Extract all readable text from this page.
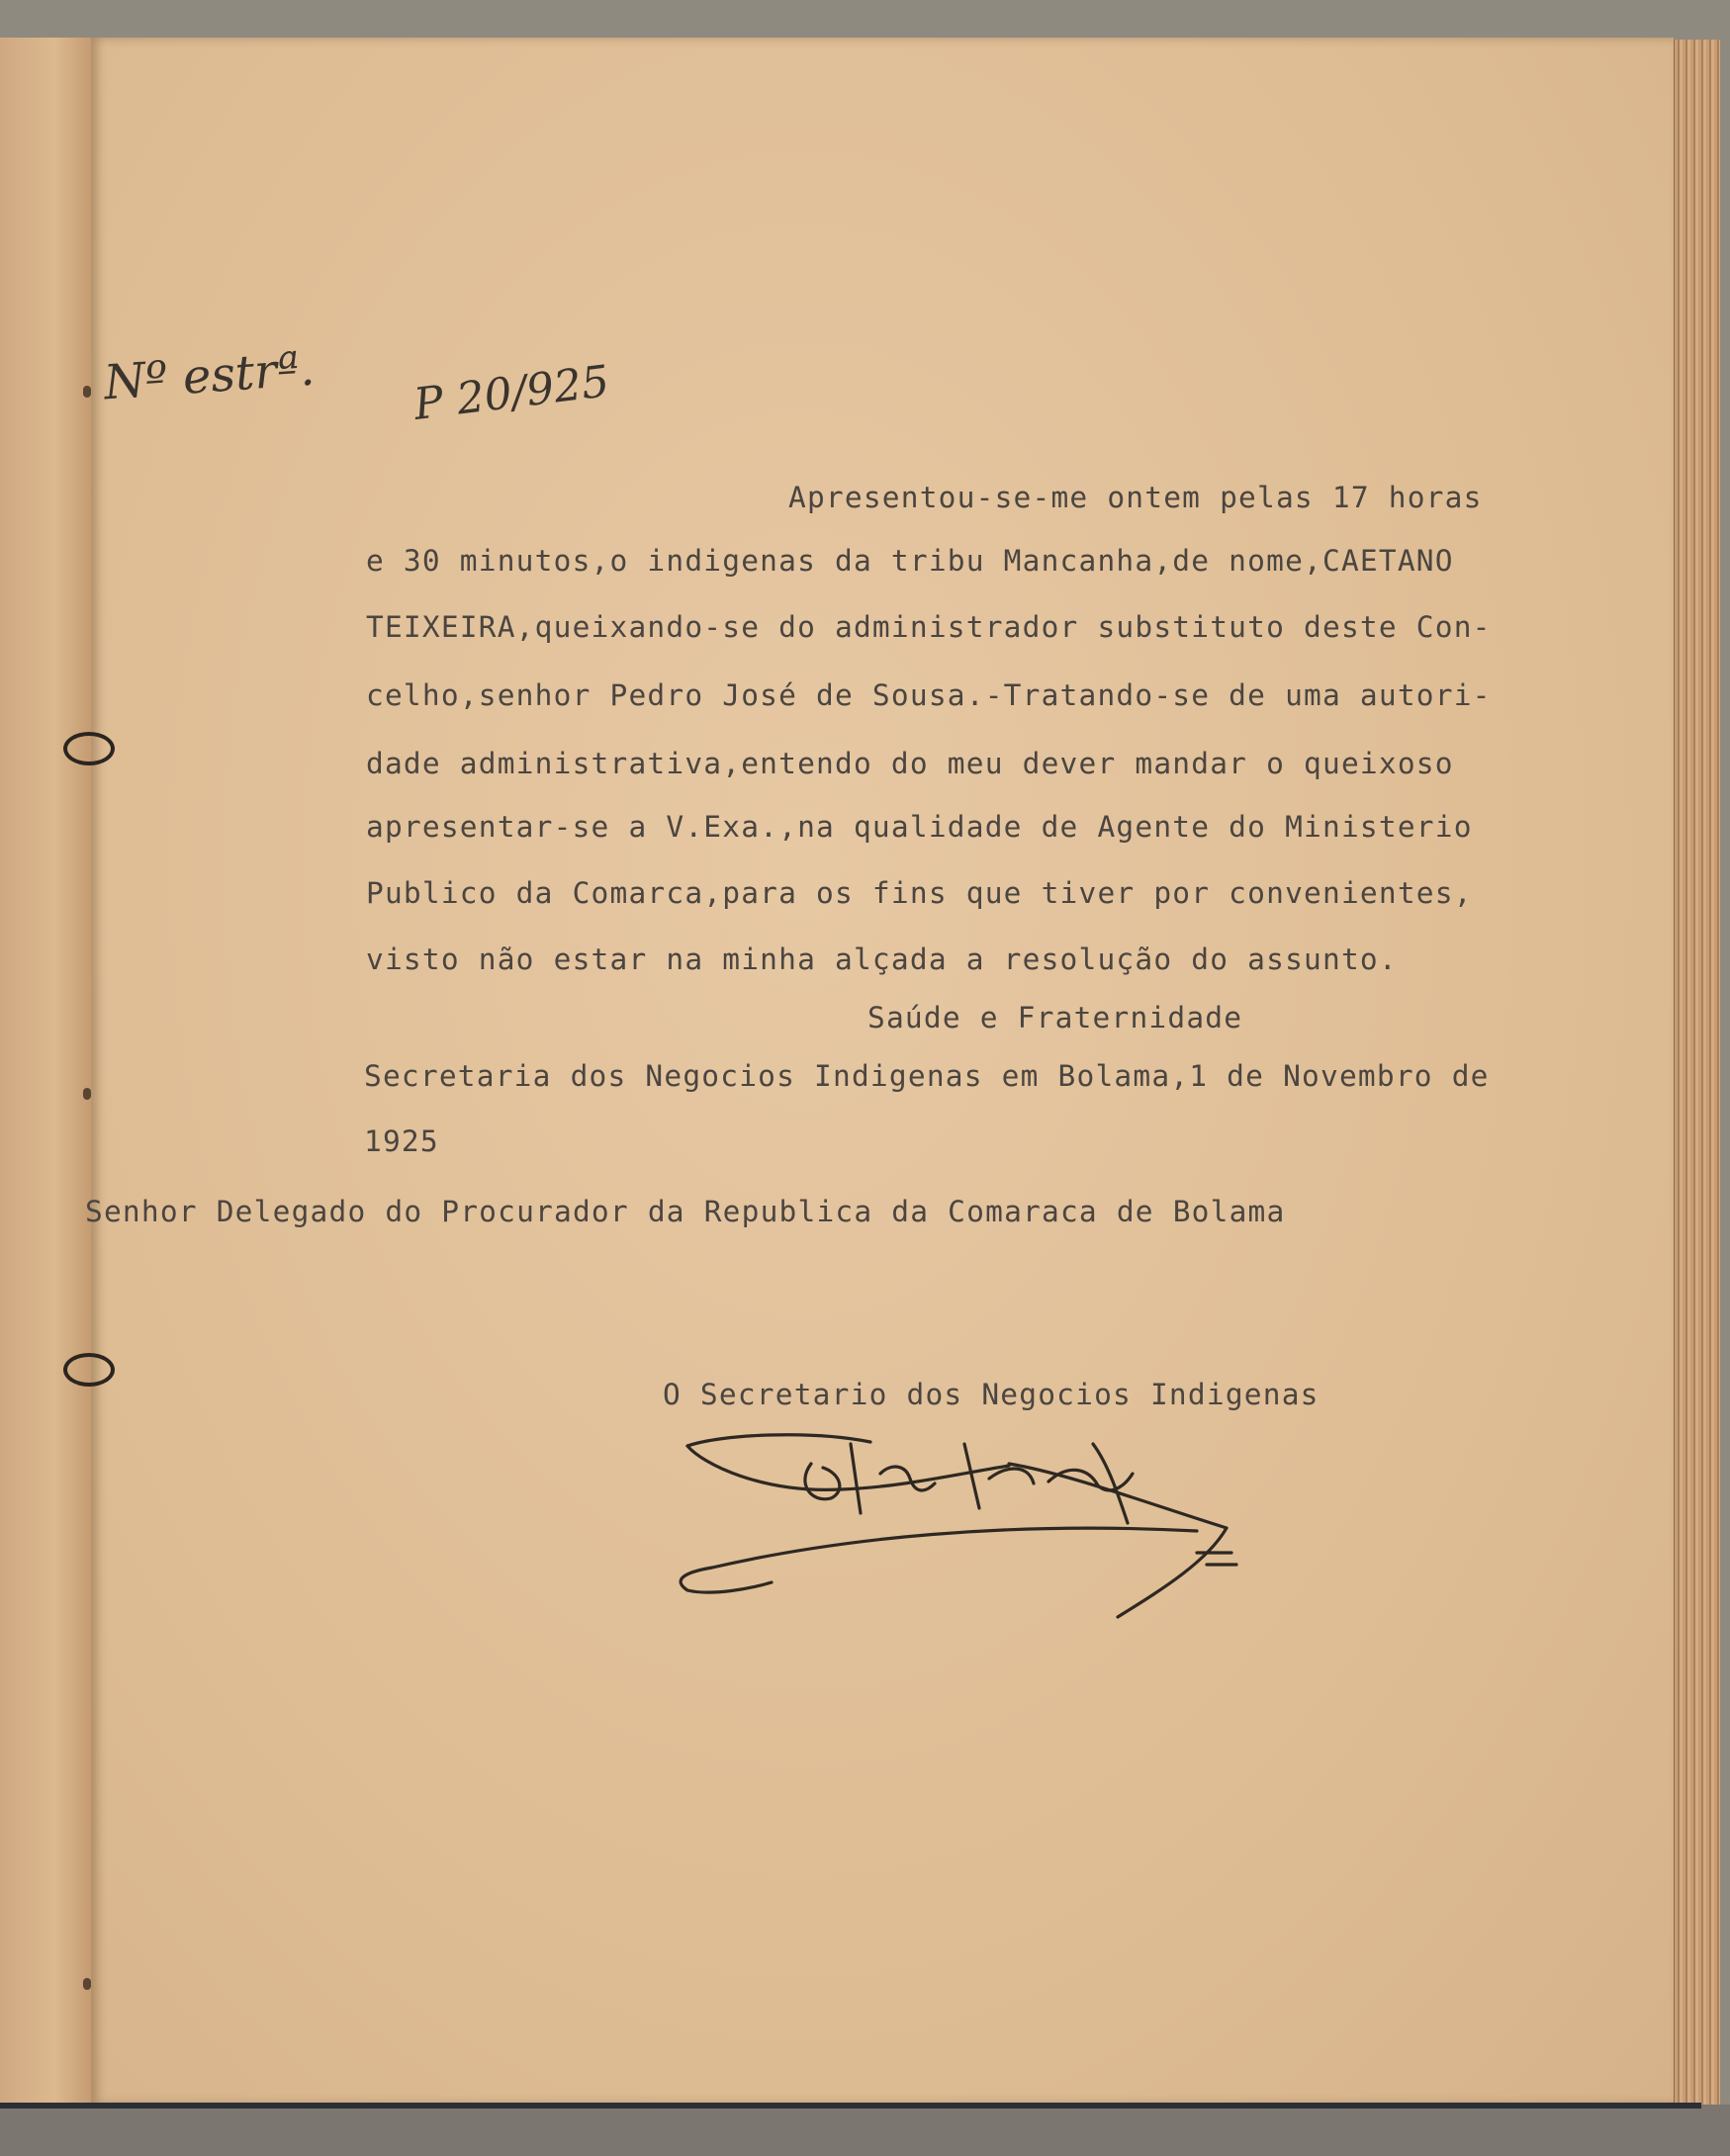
Nº estrª. P 20/925
Apresentou-se-me ontem pelas 17 horas
e 30 minutos,o indigenas da tribu Mancanha,de nome,CAETANO
TEIXEIRA,queixando-se do administrador substituto deste Con-
celho,senhor Pedro José de Sousa.-Tratando-se de uma autori-
dade administrativa,entendo do meu dever mandar o queixoso
apresentar-se a V.Exa.,na qualidade de Agente do Ministerio
Publico da Comarca,para os fins que tiver por convenientes,
visto não estar na minha alçada a resolução do assunto.
Saúde e Fraternidade
Secretaria dos Negocios Indigenas em Bolama,1 de Novembro de
1925
Senhor Delegado do Procurador da Republica da Comaraca de Bolama
O Secretario dos Negocios Indigenas
